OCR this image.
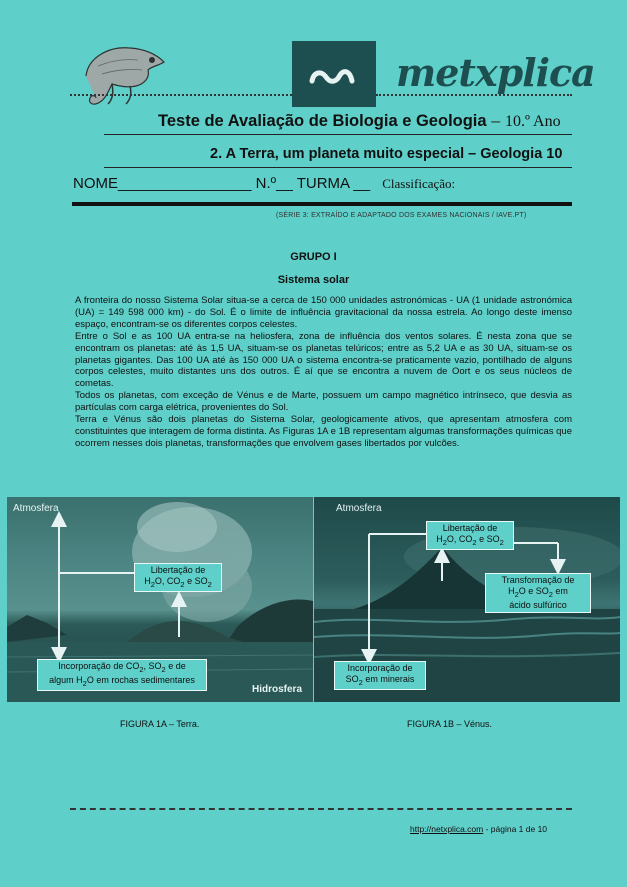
metxplica
Teste de Avaliação de Biologia e Geologia – 10.º Ano
2. A Terra, um planeta muito especial – Geologia 10
NOME________________ N.º__ TURMA __ Classificação:
(SÉRIE 3: EXTRAÍDO E ADAPTADO DOS EXAMES NACIONAIS / IAVE.PT)
GRUPO I
Sistema solar

A fronteira do nosso Sistema Solar situa-se a cerca de 150 000 unidades astronómicas - UA (1 unidade astronómica (UA) = 149 598 000 km) - do Sol. É o limite de influência gravitacional da nossa estrela. Ao longo deste imenso espaço, encontram-se os diferentes corpos celestes.

Entre o Sol e as 100 UA entra-se na heliosfera, zona de influência dos ventos solares. É nesta zona que se encontram os planetas: até às 1,5 UA, situam-se os planetas telúricos; entre as 5,2 UA e as 30 UA, situam-se os planetas gigantes. Das 100 UA até às 150 000 UA o sistema encontra-se praticamente vazio, pontilhado de alguns corpos celestes, muito distantes uns dos outros. É aí que se encontra a nuvem de Oort e os seus núcleos de cometas.

Todos os planetas, com exceção de Vénus e de Marte, possuem um campo magnético intrínseco, que desvia as partículas com carga elétrica, provenientes do Sol.

Terra e Vénus são dois planetas do Sistema Solar, geologicamente ativos, que apresentam atmosfera com constituintes que interagem de forma distinta. As Figuras 1A e 1B representam algumas transformações químicas que ocorrem nesses dois planetas, transformações que envolvem gases libertados por vulcões.

Atmosfera
Hidrosfera
Libertação de
$H_2O$, $CO_2$ e $SO_2$
Incorporação de $CO_2$, $SO_2$ e de
algum $H_2O$ em rochas sedimentares
Atmosfera
Libertação de
$H_2O$, $CO_2$ e $SO_2$
Transformação de
$H_2O$ e $SO_2$ em
ácido sulfúrico
Incorporação de
$SO_2$ em minerais
FIGURA 1A – Terra.	FIGURA 1B – Vénus.
http://netxplica.com - página 1 de 10
